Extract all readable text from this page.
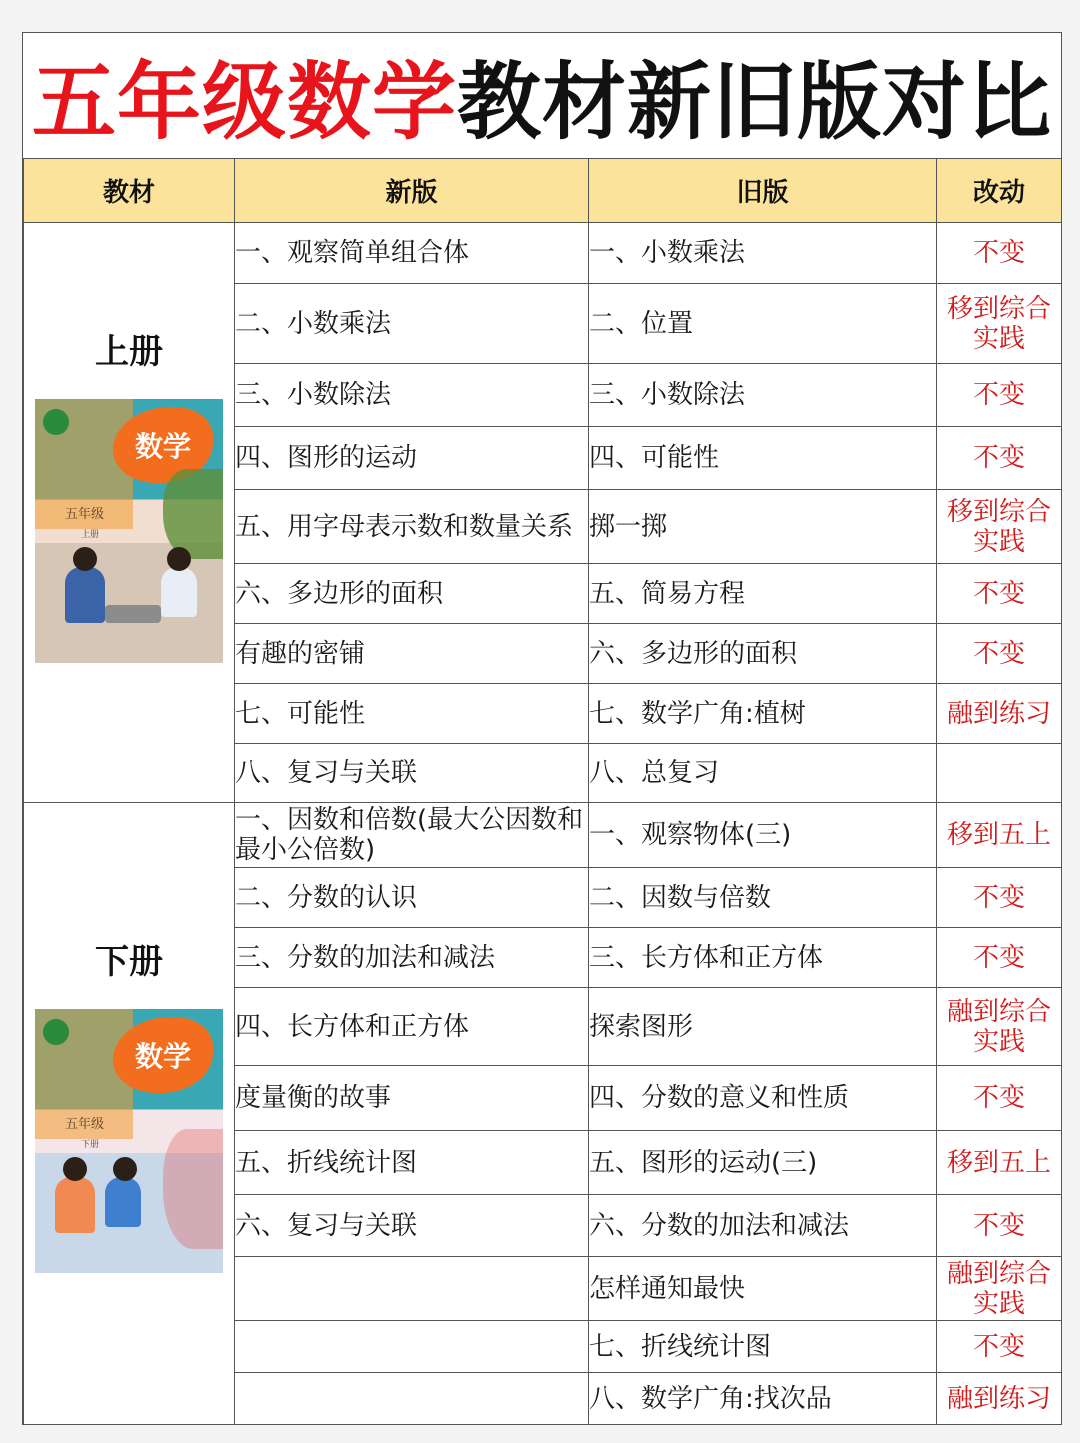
五年级数学 教材新旧版对比
教材	新版	旧版	改动

上册
数学
五年级
上册	一、观察简单组合体	一、小数乘法	不变
	二、小数乘法	二、位置	移到综合实践
	三、小数除法	三、小数除法	不变
	四、图形的运动	四、可能性	不变
	五、用字母表示数和数量关系	掷一掷	移到综合实践
	六、多边形的面积	五、简易方程	不变
	有趣的密铺	六、多边形的面积	不变
	七、可能性	七、数学广角:植树	融到练习
	八、复习与关联	八、总复习	

下册
数学
五年级
下册	一、因数和倍数(最大公因数和最小公倍数)	一、观察物体(三)	移到五上
	二、分数的认识	二、因数与倍数	不变
	三、分数的加法和减法	三、长方体和正方体	不变
	四、长方体和正方体	探索图形	融到综合实践
	度量衡的故事	四、分数的意义和性质	不变
	五、折线统计图	五、图形的运动(三)	移到五上
	六、复习与关联	六、分数的加法和减法	不变
		怎样通知最快	融到综合实践
		七、折线统计图	不变
		八、数学广角:找次品	融到练习
